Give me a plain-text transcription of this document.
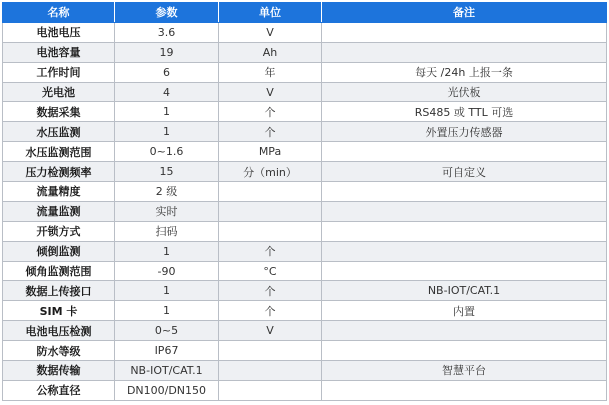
名称	参数	单位	备注
电池电压	3.6	V	
电池容量	19	Ah	
工作时间	6	年	每天 /24h 上报一条
光电池	4	V	光伏板
数据采集	1	个	RS485 或 TTL 可选
水压监测	1	个	外置压力传感器
水压监测范围	0~1.6	MPa	
压力检测频率	15	分（min）	可自定义
流量精度	2 级		
流量监测	实时		
开锁方式	扫码		
倾倒监测	1	个	
倾角监测范围	-90	°C	
数据上传接口	1	个	NB-IOT/CAT.1
SIM 卡	1	个	内置
电池电压检测	0~5	V	
防水等级	IP67		
数据传输	NB-IOT/CAT.1		智慧平台
公称直径	DN100/DN150		
